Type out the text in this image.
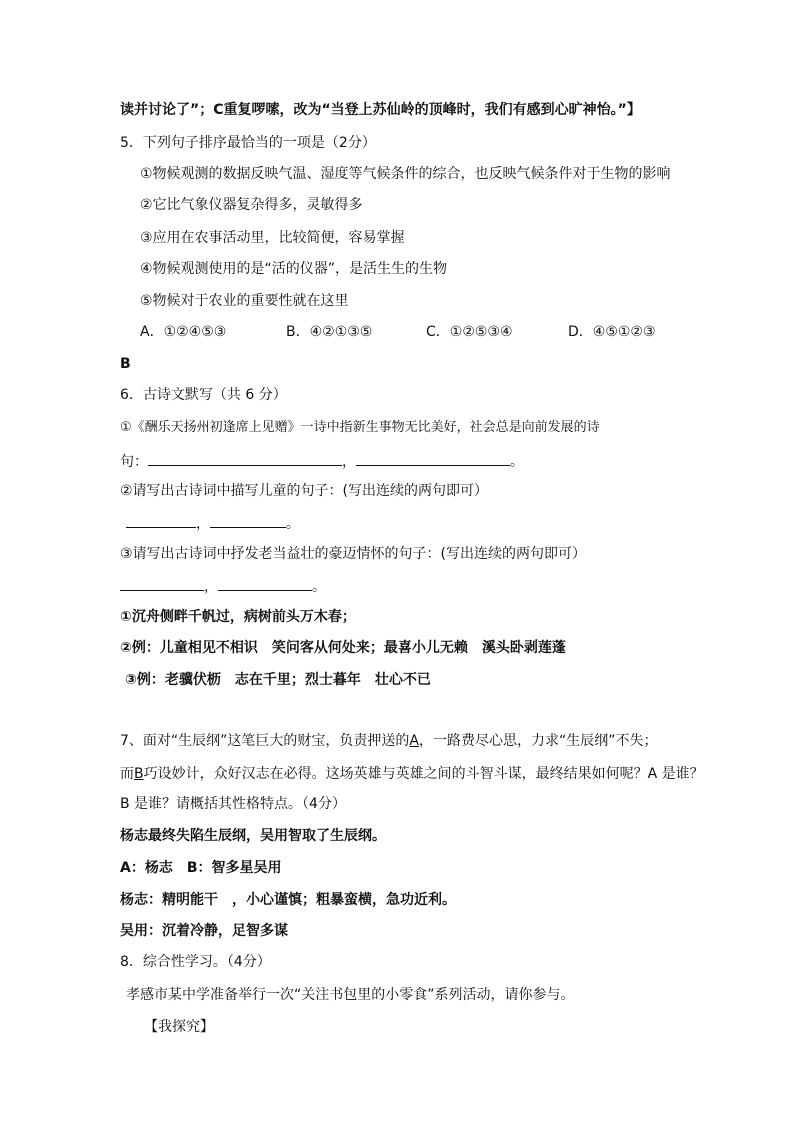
读并讨论了”；C重复啰嗦，改为“当登上苏仙岭的顶峰时，我们有感到心旷神怡。”】
5．下列句子排序最恰当的一项是（2分）
①物候观测的数据反映气温、湿度等气候条件的综合，也反映气候条件对于生物的影响
②它比气象仪器复杂得多，灵敏得多
③应用在农事活动里，比较简便，容易掌握
④物候观测使用的是“活的仪器”，是活生生的生物
⑤物候对于农业的重要性就在这里
A．①②④⑤③	B．④②①③⑤	C．①②⑤③④	D．④⑤①②③
B
6．古诗文默写（共 6 分）
①《酬乐天扬州初逢席上见赠》一诗中指新生事物无比美好，社会总是向前发展的诗
句：	，	。
②请写出古诗词中描写儿童的句子：(写出连续的两句即可）
，	。
③请写出古诗词中抒发老当益壮的豪迈情怀的句子：(写出连续的两句即可）
，	。
①沉舟侧畔千帆过，病树前头万木春；
②例：儿童相见不相识　笑问客从何处来；最喜小儿无赖　溪头卧剥莲蓬
③例：老骥伏枥　志在千里；烈士暮年　壮心不已
7、面对“生辰纲”这笔巨大的财宝，负责押送的A，一路费尽心思，力求“生辰纲”不失；
而B巧设妙计，众好汉志在必得。这场英雄与英雄之间的斗智斗谋，最终结果如何呢？A 是谁？
B 是谁？请概括其性格特点。（4分）
杨志最终失陷生辰纲，吴用智取了生辰纲。
A：杨志　B：智多星吴用
杨志：精明能干　，小心谨慎；粗暴蛮横，急功近利。
吴用：沉着冷静，足智多谋
8．综合性学习。（4分）
孝感市某中学准备举行一次“关注书包里的小零食”系列活动，请你参与。
【我探究】
